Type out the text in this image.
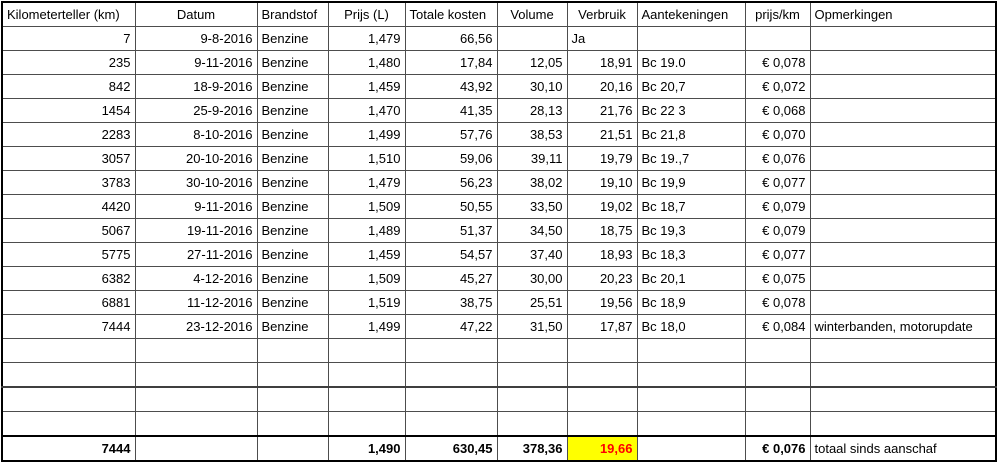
Kilometerteller (km)	Datum	Brandstof	Prijs (L)	Totale kosten	Volume	Verbruik	Aantekeningen	prijs/km	Opmerkingen
7	9-8-2016	Benzine	1,479	66,56		Ja			
235	9-11-2016	Benzine	1,480	17,84	12,05	18,91	Bc 19.0	€ 0,078	
842	18-9-2016	Benzine	1,459	43,92	30,10	20,16	Bc 20,7	€ 0,072	
1454	25-9-2016	Benzine	1,470	41,35	28,13	21,76	Bc 22 3	€ 0,068	
2283	8-10-2016	Benzine	1,499	57,76	38,53	21,51	Bc 21,8	€ 0,070	
3057	20-10-2016	Benzine	1,510	59,06	39,11	19,79	Bc 19.,7	€ 0,076	
3783	30-10-2016	Benzine	1,479	56,23	38,02	19,10	Bc 19,9	€ 0,077	
4420	9-11-2016	Benzine	1,509	50,55	33,50	19,02	Bc 18,7	€ 0,079	
5067	19-11-2016	Benzine	1,489	51,37	34,50	18,75	Bc 19,3	€ 0,079	
5775	27-11-2016	Benzine	1,459	54,57	37,40	18,93	Bc 18,3	€ 0,077	
6382	4-12-2016	Benzine	1,509	45,27	30,00	20,23	Bc 20,1	€ 0,075	
6881	11-12-2016	Benzine	1,519	38,75	25,51	19,56	Bc 18,9	€ 0,078	
7444	23-12-2016	Benzine	1,499	47,22	31,50	17,87	Bc 18,0	€ 0,084	winterbanden, motorupdate

7444			1,490	630,45	378,36	19,66		€ 0,076	totaal sinds aanschaf
